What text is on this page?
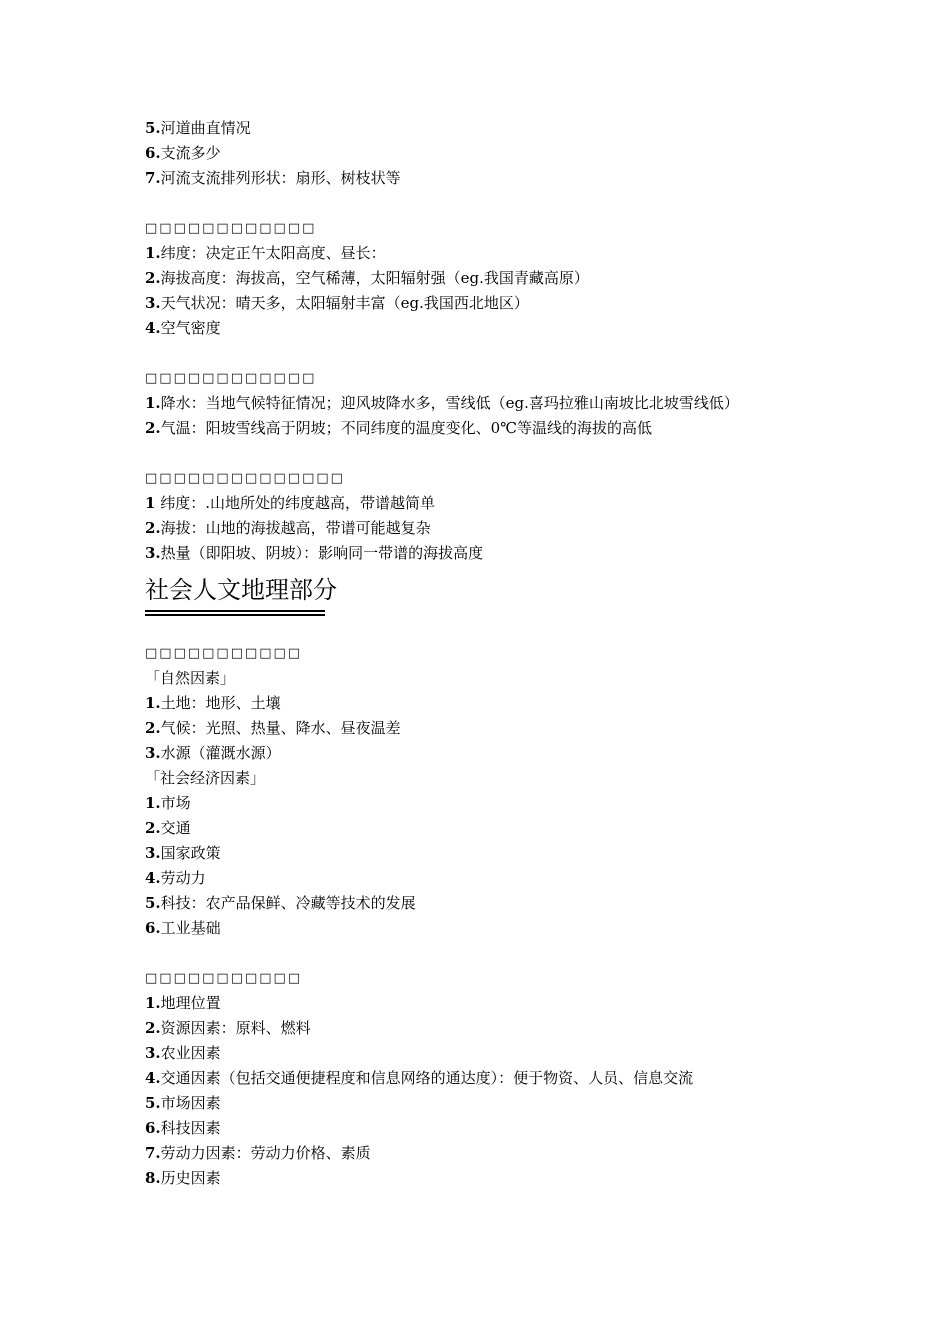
5.河道曲直情况
6.支流多少
7.河流支流排列形状：扇形、树枝状等
□□□□□□□□□□□□
1.纬度：决定正午太阳高度、昼长：
2.海拔高度：海拔高，空气稀薄，太阳辐射强（eg.我国青藏高原）
3.天气状况：晴天多，太阳辐射丰富（eg.我国西北地区）
4.空气密度
□□□□□□□□□□□□
1.降水：当地气候特征情况；迎风坡降水多，雪线低（eg.喜玛拉雅山南坡比北坡雪线低）
2.气温：阳坡雪线高于阴坡；不同纬度的温度变化、0℃等温线的海拔的高低
□□□□□□□□□□□□□□
1 纬度：.山地所处的纬度越高，带谱越简单
2.海拔：山地的海拔越高，带谱可能越复杂
3.热量（即阳坡、阴坡）：影响同一带谱的海拔高度
社会人文地理部分
□□□□□□□□□□□
「自然因素」
1.土地：地形、土壤
2.气候：光照、热量、降水、昼夜温差
3.水源（灌溉水源）
「社会经济因素」
1.市场
2.交通
3.国家政策
4.劳动力
5.科技：农产品保鲜、冷藏等技术的发展
6.工业基础
□□□□□□□□□□□
1.地理位置
2.资源因素：原料、燃料
3.农业因素
4.交通因素（包括交通便捷程度和信息网络的通达度）：便于物资、人员、信息交流
5.市场因素
6.科技因素
7.劳动力因素：劳动力价格、素质
8.历史因素
